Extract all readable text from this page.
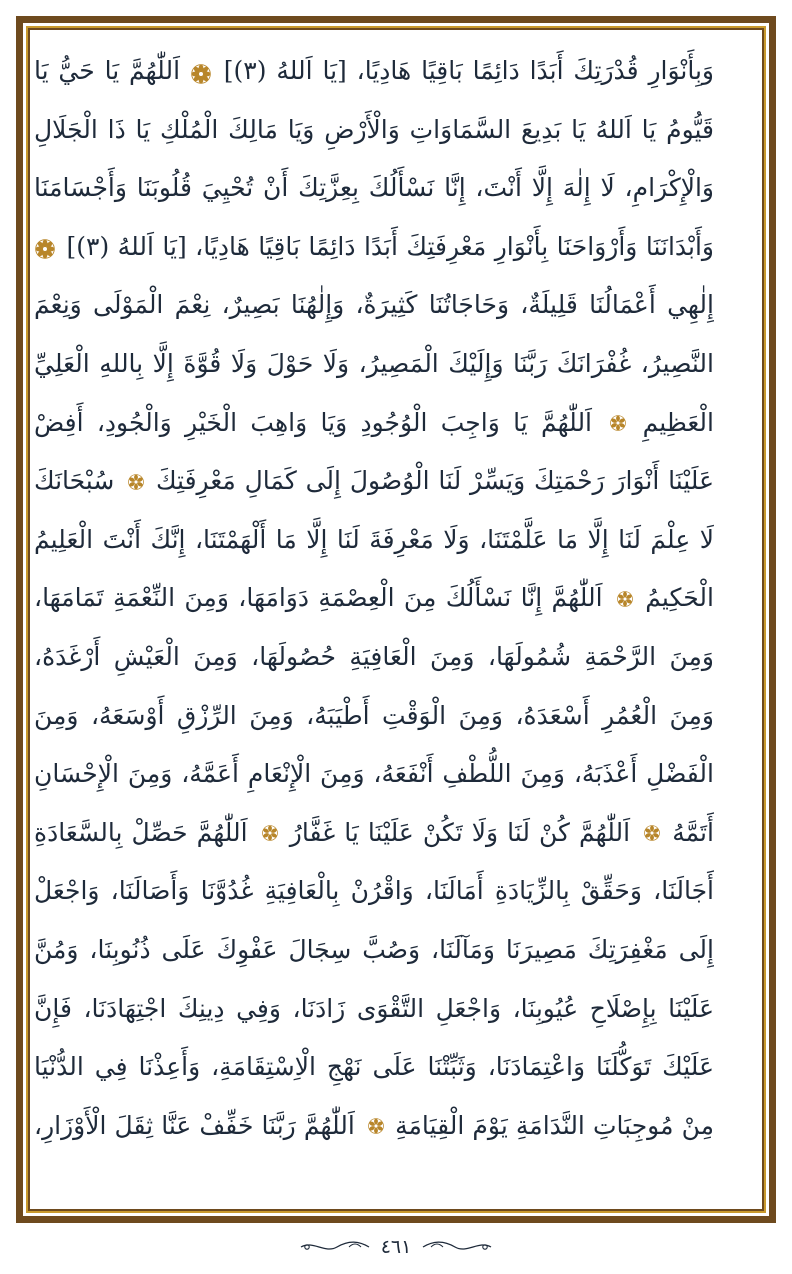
وَبِأَنْوَارِ قُدْرَتِكَ أَبَدًا دَائِمًا بَاقِيًا هَادِيًا، [يَا اَللهُ (٣)]
اَللّٰهُمَّ يَا حَيُّ يَا
قَيُّومُ يَا اَللهُ يَا بَدِيعَ السَّمَاوَاتِ وَالْأَرْضِ وَيَا مَالِكَ الْمُلْكِ يَا ذَا الْجَلَالِ
وَالْإِكْرَامِ، لَا إِلٰهَ إِلَّا أَنْتَ، إِنَّا نَسْأَلُكَ بِعِزَّتِكَ أَنْ تُحْيِيَ قُلُوبَنَا وَأَجْسَامَنَا
وَأَبْدَانَنَا وَأَرْوَاحَنَا بِأَنْوَارِ مَعْرِفَتِكَ أَبَدًا دَائِمًا بَاقِيًا هَادِيًا، [يَا اَللهُ (٣)]
إِلٰهِي أَعْمَالُنَا قَلِيلَةٌ، وَحَاجَاتُنَا كَثِيرَةٌ، وَإِلٰهُنَا بَصِيرٌ، نِعْمَ الْمَوْلَى وَنِعْمَ
النَّصِيرُ، غُفْرَانَكَ رَبَّنَا وَإِلَيْكَ الْمَصِيرُ، وَلَا حَوْلَ وَلَا قُوَّةَ إِلَّا بِاللهِ الْعَلِيِّ
الْعَظِيمِ
اَللّٰهُمَّ يَا وَاجِبَ الْوُجُودِ وَيَا وَاهِبَ الْخَيْرِ وَالْجُودِ، أَفِضْ
عَلَيْنَا أَنْوَارَ رَحْمَتِكَ وَيَسِّرْ لَنَا الْوُصُولَ إِلَى كَمَالِ مَعْرِفَتِكَ
سُبْحَانَكَ
لَا عِلْمَ لَنَا إِلَّا مَا عَلَّمْتَنَا، وَلَا مَعْرِفَةَ لَنَا إِلَّا مَا أَلْهَمْتَنَا، إِنَّكَ أَنْتَ الْعَلِيمُ
الْحَكِيمُ
اَللّٰهُمَّ إِنَّا نَسْأَلُكَ مِنَ الْعِصْمَةِ دَوَامَهَا، وَمِنَ النِّعْمَةِ تَمَامَهَا،
وَمِنَ الرَّحْمَةِ شُمُولَهَا، وَمِنَ الْعَافِيَةِ حُصُولَهَا، وَمِنَ الْعَيْشِ أَرْغَدَهُ،
وَمِنَ الْعُمُرِ أَسْعَدَهُ، وَمِنَ الْوَقْتِ أَطْيَبَهُ، وَمِنَ الرِّزْقِ أَوْسَعَهُ، وَمِنَ
الْفَضْلِ أَعْذَبَهُ، وَمِنَ اللُّطْفِ أَنْفَعَهُ، وَمِنَ الْإِنْعَامِ أَعَمَّهُ، وَمِنَ الْإِحْسَانِ
أَتَمَّهُ
اَللّٰهُمَّ كُنْ لَنَا وَلَا تَكُنْ عَلَيْنَا يَا غَفَّارُ
اَللّٰهُمَّ حَصِّلْ بِالسَّعَادَةِ
أَجَالَنَا، وَحَقِّقْ بِالزِّيَادَةِ أَمَالَنَا، وَاقْرُنْ بِالْعَافِيَةِ غُدُوَّنَا وَأَصَالَنَا، وَاجْعَلْ
إِلَى مَغْفِرَتِكَ مَصِيرَنَا وَمَآلَنَا، وَصُبَّ سِجَالَ عَفْوِكَ عَلَى ذُنُوبِنَا، وَمُنَّ
عَلَيْنَا بِإِصْلَاحِ عُيُوبِنَا، وَاجْعَلِ التَّقْوَى زَادَنَا، وَفِي دِينِكَ اجْتِهَادَنَا، فَإِنَّ
عَلَيْكَ تَوَكُّلَنَا وَاعْتِمَادَنَا، وَثَبِّتْنَا عَلَى نَهْجِ الْاِسْتِقَامَةِ، وَأَعِذْنَا فِي الدُّنْيَا
مِنْ مُوجِبَاتِ النَّدَامَةِ يَوْمَ الْقِيَامَةِ
اَللّٰهُمَّ رَبَّنَا خَفِّفْ عَنَّا ثِقَلَ الْأَوْزَارِ،
٤٦١
